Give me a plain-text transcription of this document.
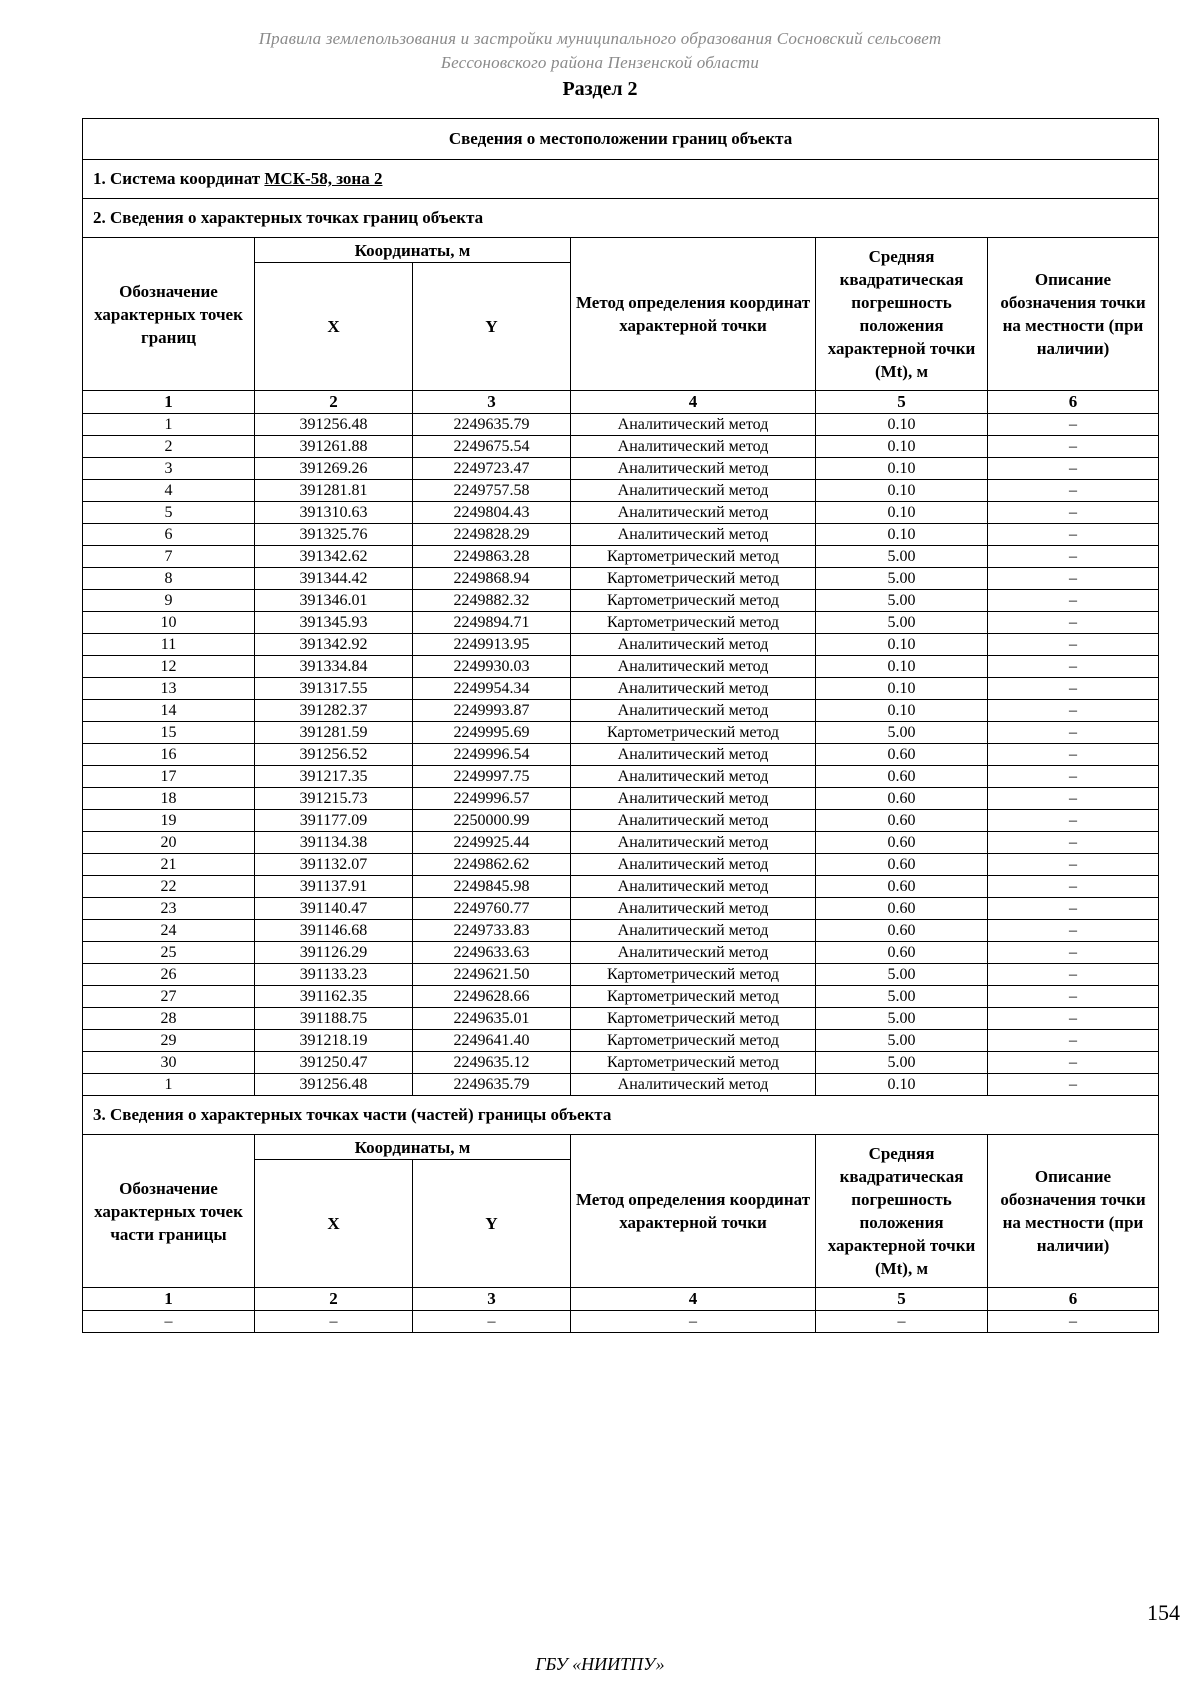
Правила землепользования и застройки муниципального образования Сосновский сельсовет
Бессоновского района Пензенской области
Раздел 2
Сведения о местоположении границ объекта					
1. Система координат МСК-58, зона 2					
2. Сведения о характерных точках границ объекта					
Обозначение характерных точек границ	Координаты, м		Метод определения координат характерной точки	Средняя квадратическая погрешность положения характерной точки (Mt), м	Описание обозначения точки на местности (при наличии)
	X	Y			
1	2	3	4	5	6
1	391256.48	2249635.79	Аналитический метод	0.10	–
2	391261.88	2249675.54	Аналитический метод	0.10	–
3	391269.26	2249723.47	Аналитический метод	0.10	–
4	391281.81	2249757.58	Аналитический метод	0.10	–
5	391310.63	2249804.43	Аналитический метод	0.10	–
6	391325.76	2249828.29	Аналитический метод	0.10	–
7	391342.62	2249863.28	Картометрический метод	5.00	–
8	391344.42	2249868.94	Картометрический метод	5.00	–
9	391346.01	2249882.32	Картометрический метод	5.00	–
10	391345.93	2249894.71	Картометрический метод	5.00	–
11	391342.92	2249913.95	Аналитический метод	0.10	–
12	391334.84	2249930.03	Аналитический метод	0.10	–
13	391317.55	2249954.34	Аналитический метод	0.10	–
14	391282.37	2249993.87	Аналитический метод	0.10	–
15	391281.59	2249995.69	Картометрический метод	5.00	–
16	391256.52	2249996.54	Аналитический метод	0.60	–
17	391217.35	2249997.75	Аналитический метод	0.60	–
18	391215.73	2249996.57	Аналитический метод	0.60	–
19	391177.09	2250000.99	Аналитический метод	0.60	–
20	391134.38	2249925.44	Аналитический метод	0.60	–
21	391132.07	2249862.62	Аналитический метод	0.60	–
22	391137.91	2249845.98	Аналитический метод	0.60	–
23	391140.47	2249760.77	Аналитический метод	0.60	–
24	391146.68	2249733.83	Аналитический метод	0.60	–
25	391126.29	2249633.63	Аналитический метод	0.60	–
26	391133.23	2249621.50	Картометрический метод	5.00	–
27	391162.35	2249628.66	Картометрический метод	5.00	–
28	391188.75	2249635.01	Картометрический метод	5.00	–
29	391218.19	2249641.40	Картометрический метод	5.00	–
30	391250.47	2249635.12	Картометрический метод	5.00	–
1	391256.48	2249635.79	Аналитический метод	0.10	–
3. Сведения о характерных точках части (частей) границы объекта					
Обозначение характерных точек части границы	Координаты, м		Метод определения координат характерной точки	Средняя квадратическая погрешность положения характерной точки (Mt), м	Описание обозначения точки на местности (при наличии)
	X	Y			
1	2	3	4	5	6
–	–	–	–	–	–
154
ГБУ «НИИТПУ»
